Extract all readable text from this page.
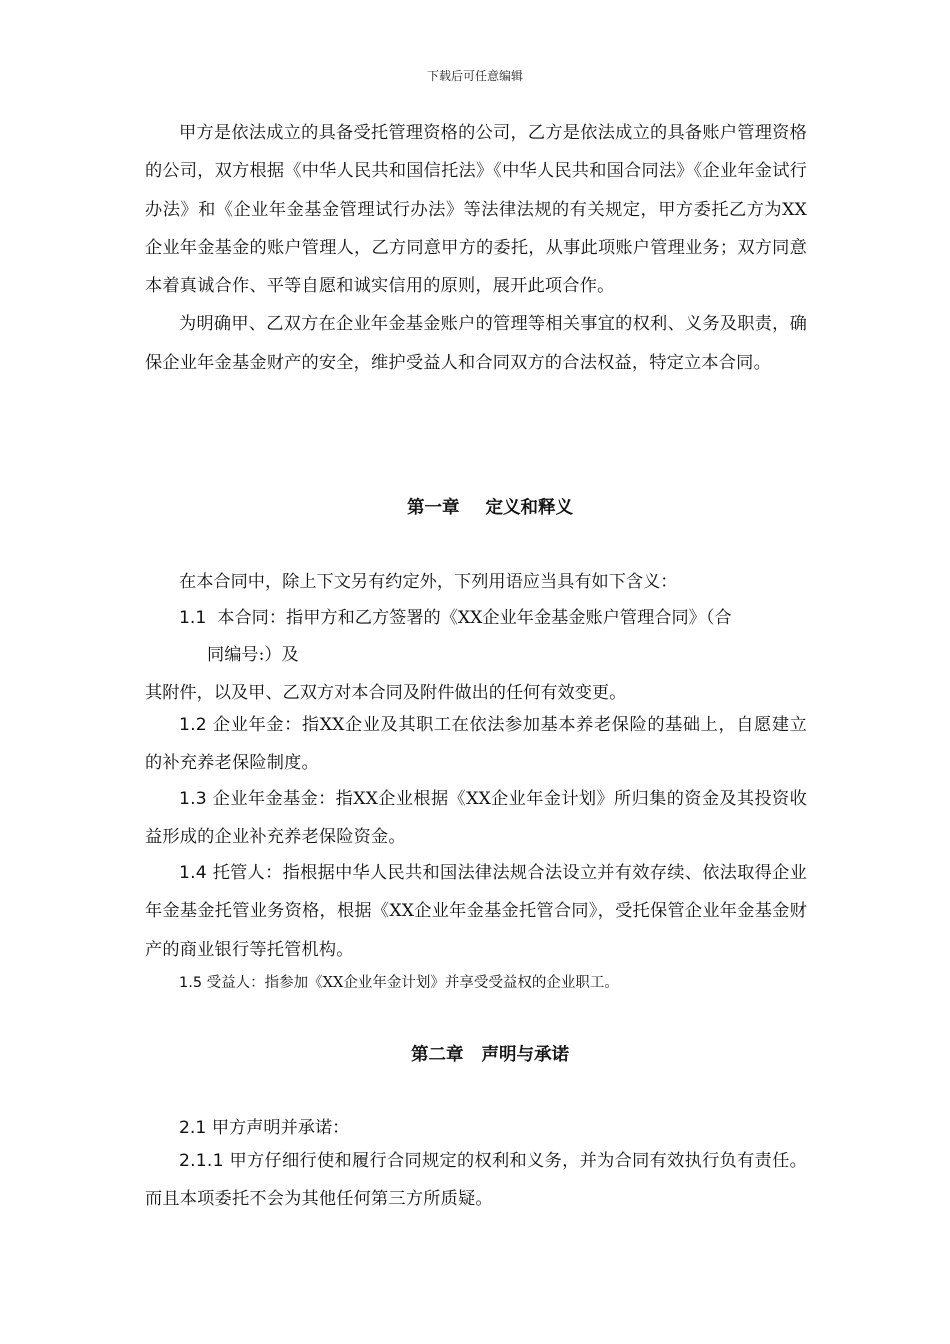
下载后可任意编辑

甲方是依法成立的具备受托管理资格的公司，乙方是依法成立的具备账户管理资格的公司，双方根据《中华人民共和国信托法》《中华人民共和国合同法》《企业年金试行办法》和《企业年金基金管理试行办法》等法律法规的有关规定，甲方委托乙方为XX企业年金基金的账户管理人，乙方同意甲方的委托，从事此项账户管理业务；双方同意本着真诚合作、平等自愿和诚实信用的原则，展开此项合作。

为明确甲、乙双方在企业年金基金账户的管理等相关事宜的权利、义务及职责，确保企业年金基金财产的安全，维护受益人和合同双方的合法权益，特定立本合同。

第一章 定义和释义
在本合同中，除上下文另有约定外，下列用语应当具有如下含义：
1.1 本合同：指甲方和乙方签署的《XX企业年金基金账户管理合同》（合
同编号:）及
其附件，以及甲、乙双方对本合同及附件做出的任何有效变更。

1.2 企业年金：指XX企业及其职工在依法参加基本养老保险的基础上，自愿建立的补充养老保险制度。

1.3 企业年金基金：指XX企业根据《XX企业年金计划》所归集的资金及其投资收益形成的企业补充养老保险资金。

1.4 托管人：指根据中华人民共和国法律法规合法设立并有效存续、依法取得企业年金基金托管业务资格，根据《XX企业年金基金托管合同》，受托保管企业年金基金财产的商业银行等托管机构。

1.5 受益人：指参加《XX企业年金计划》并享受受益权的企业职工。
第二章 声明与承诺
2.1 甲方声明并承诺：

2.1.1 甲方仔细行使和履行合同规定的权利和义务，并为合同有效执行负有责任。而且本项委托不会为其他任何第三方所质疑。
